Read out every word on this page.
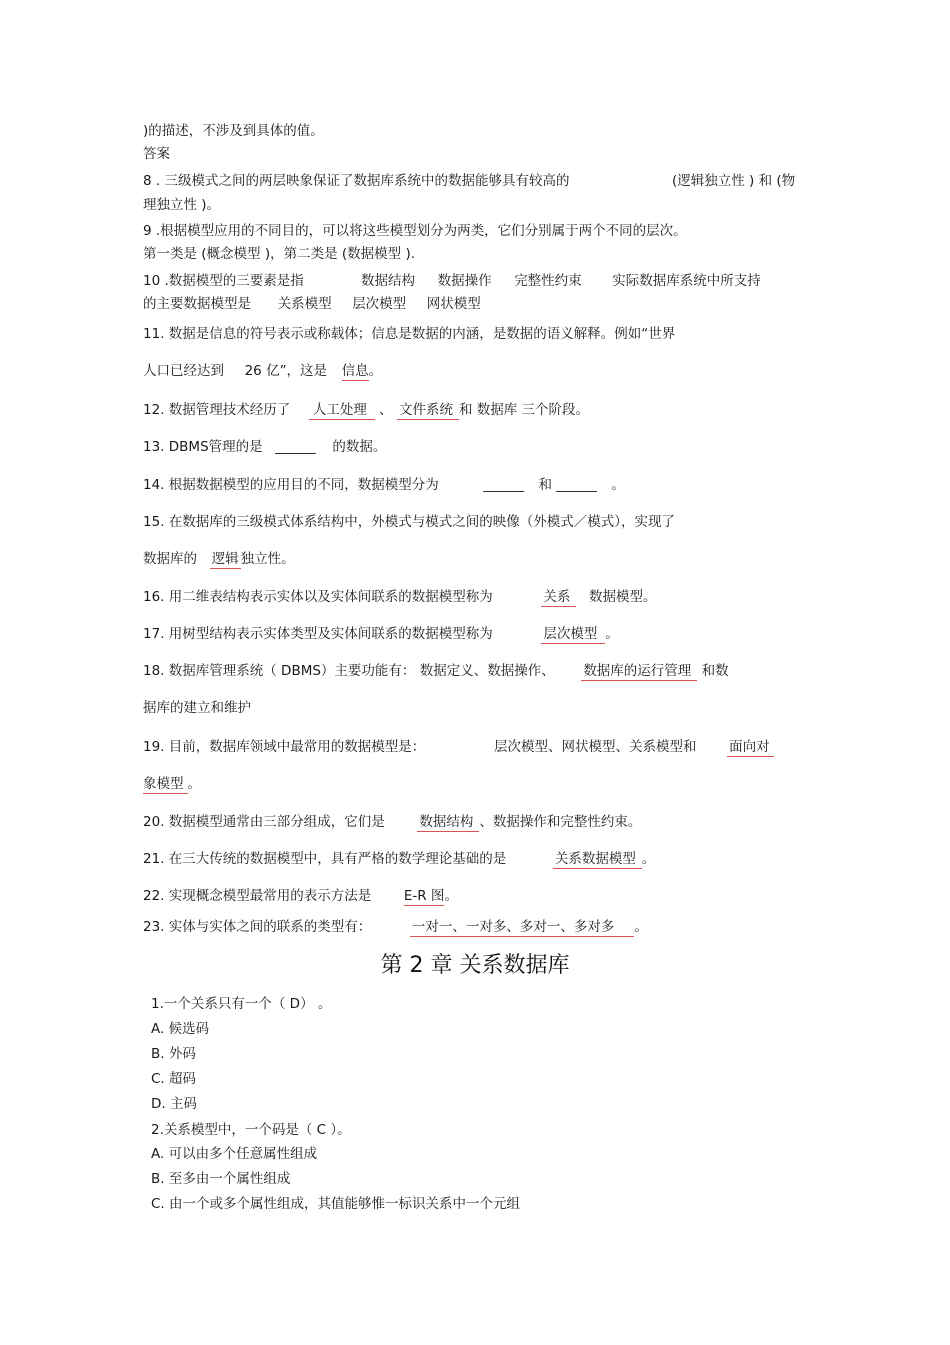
)的描述，不涉及到具体的值。
答案
8 . 三级模式之间的两层映象保证了数据库系统中的数据能够具有较高的	(逻辑独立性 ) 和 (物
理独立性 )。
9 .根据模型应用的不同目的，可以将这些模型划分为两类，它们分别属于两个不同的层次。
第一类是 (概念模型 )，第二类是 (数据模型 ).
10 .数据模型的三要素是指	数据结构 数据操作 完整性约束 实际数据库系统中所支持
的主要数据模型是 关系模型 层次模型 网状模型
11. 数据是信息的符号表示或称载体；信息是数据的内涵，是数据的语义解释。例如“世界
人口已经达到 26 亿”，这是 信息。
12. 数据管理技术经历了 人工处理 、 文件系统 和 数据库 三个阶段。
13. DBMS管理的是 ______ 的数据。
14. 根据数据模型的应用目的不同，数据模型分为	______ 和 ______ 。
15. 在数据库的三级模式体系结构中，外模式与模式之间的映像（外模式／模式），实现了
数据库的 逻辑 独立性。
16. 用二维表结构表示实体以及实体间联系的数据模型称为	关系 数据模型。
17. 用树型结构表示实体类型及实体间联系的数据模型称为	层次模型 。
18. 数据库管理系统（ DBMS）主要功能有： 数据定义、数据操作、 数据库的运行管理 和数
据库的建立和维护
19. 目前，数据库领域中最常用的数据模型是：	层次模型、网状模型、关系模型和 面向对
象模型 。
20. 数据模型通常由三部分组成，它们是	数据结构 、数据操作和完整性约束。
21. 在三大传统的数据模型中，具有严格的数学理论基础的是	关系数据模型 。
22. 实现概念模型最常用的表示方法是 E-R 图。
23. 实体与实体之间的联系的类型有：	一对一、一对多、多对一、多对多 。
第 2 章 关系数据库
1.一个关系只有一个（ D） 。
A. 候选码
B. 外码
C. 超码
D. 主码
2.关系模型中，一个码是（ C ）。
A. 可以由多个任意属性组成
B. 至多由一个属性组成
C. 由一个或多个属性组成，其值能够惟一标识关系中一个元组
